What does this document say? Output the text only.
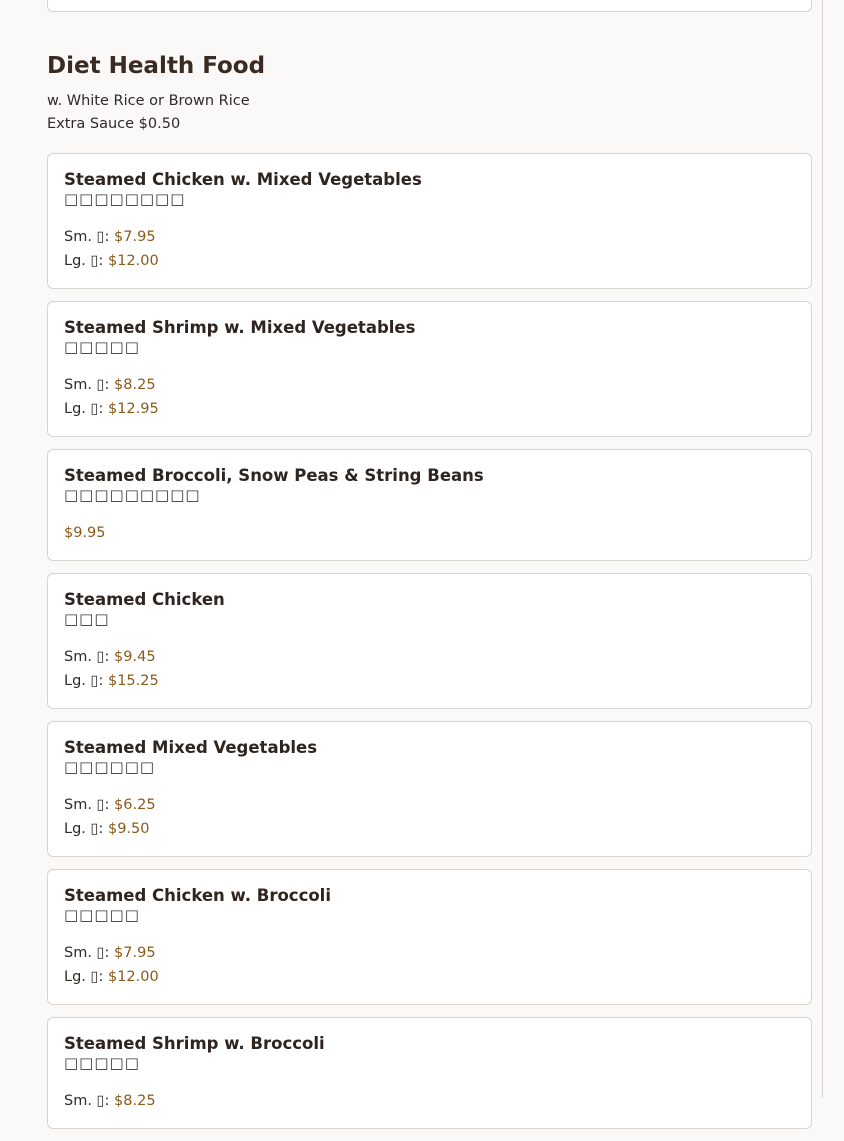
Diet Health Food

w. White Rice or Brown Rice

Extra Sauce $0.50

Steamed Chicken w. Mixed Vegetables
□□□□□□□□
Sm. ▯: $7.95
Lg. ▯: $12.00
Steamed Shrimp w. Mixed Vegetables
□□□□□
Sm. ▯: $8.25
Lg. ▯: $12.95
Steamed Broccoli, Snow Peas & String Beans
□□□□□□□□□
$9.95
Steamed Chicken
□□□
Sm. ▯: $9.45
Lg. ▯: $15.25
Steamed Mixed Vegetables
□□□□□□
Sm. ▯: $6.25
Lg. ▯: $9.50
Steamed Chicken w. Broccoli
□□□□□
Sm. ▯: $7.95
Lg. ▯: $12.00
Steamed Shrimp w. Broccoli
□□□□□
Sm. ▯: $8.25
